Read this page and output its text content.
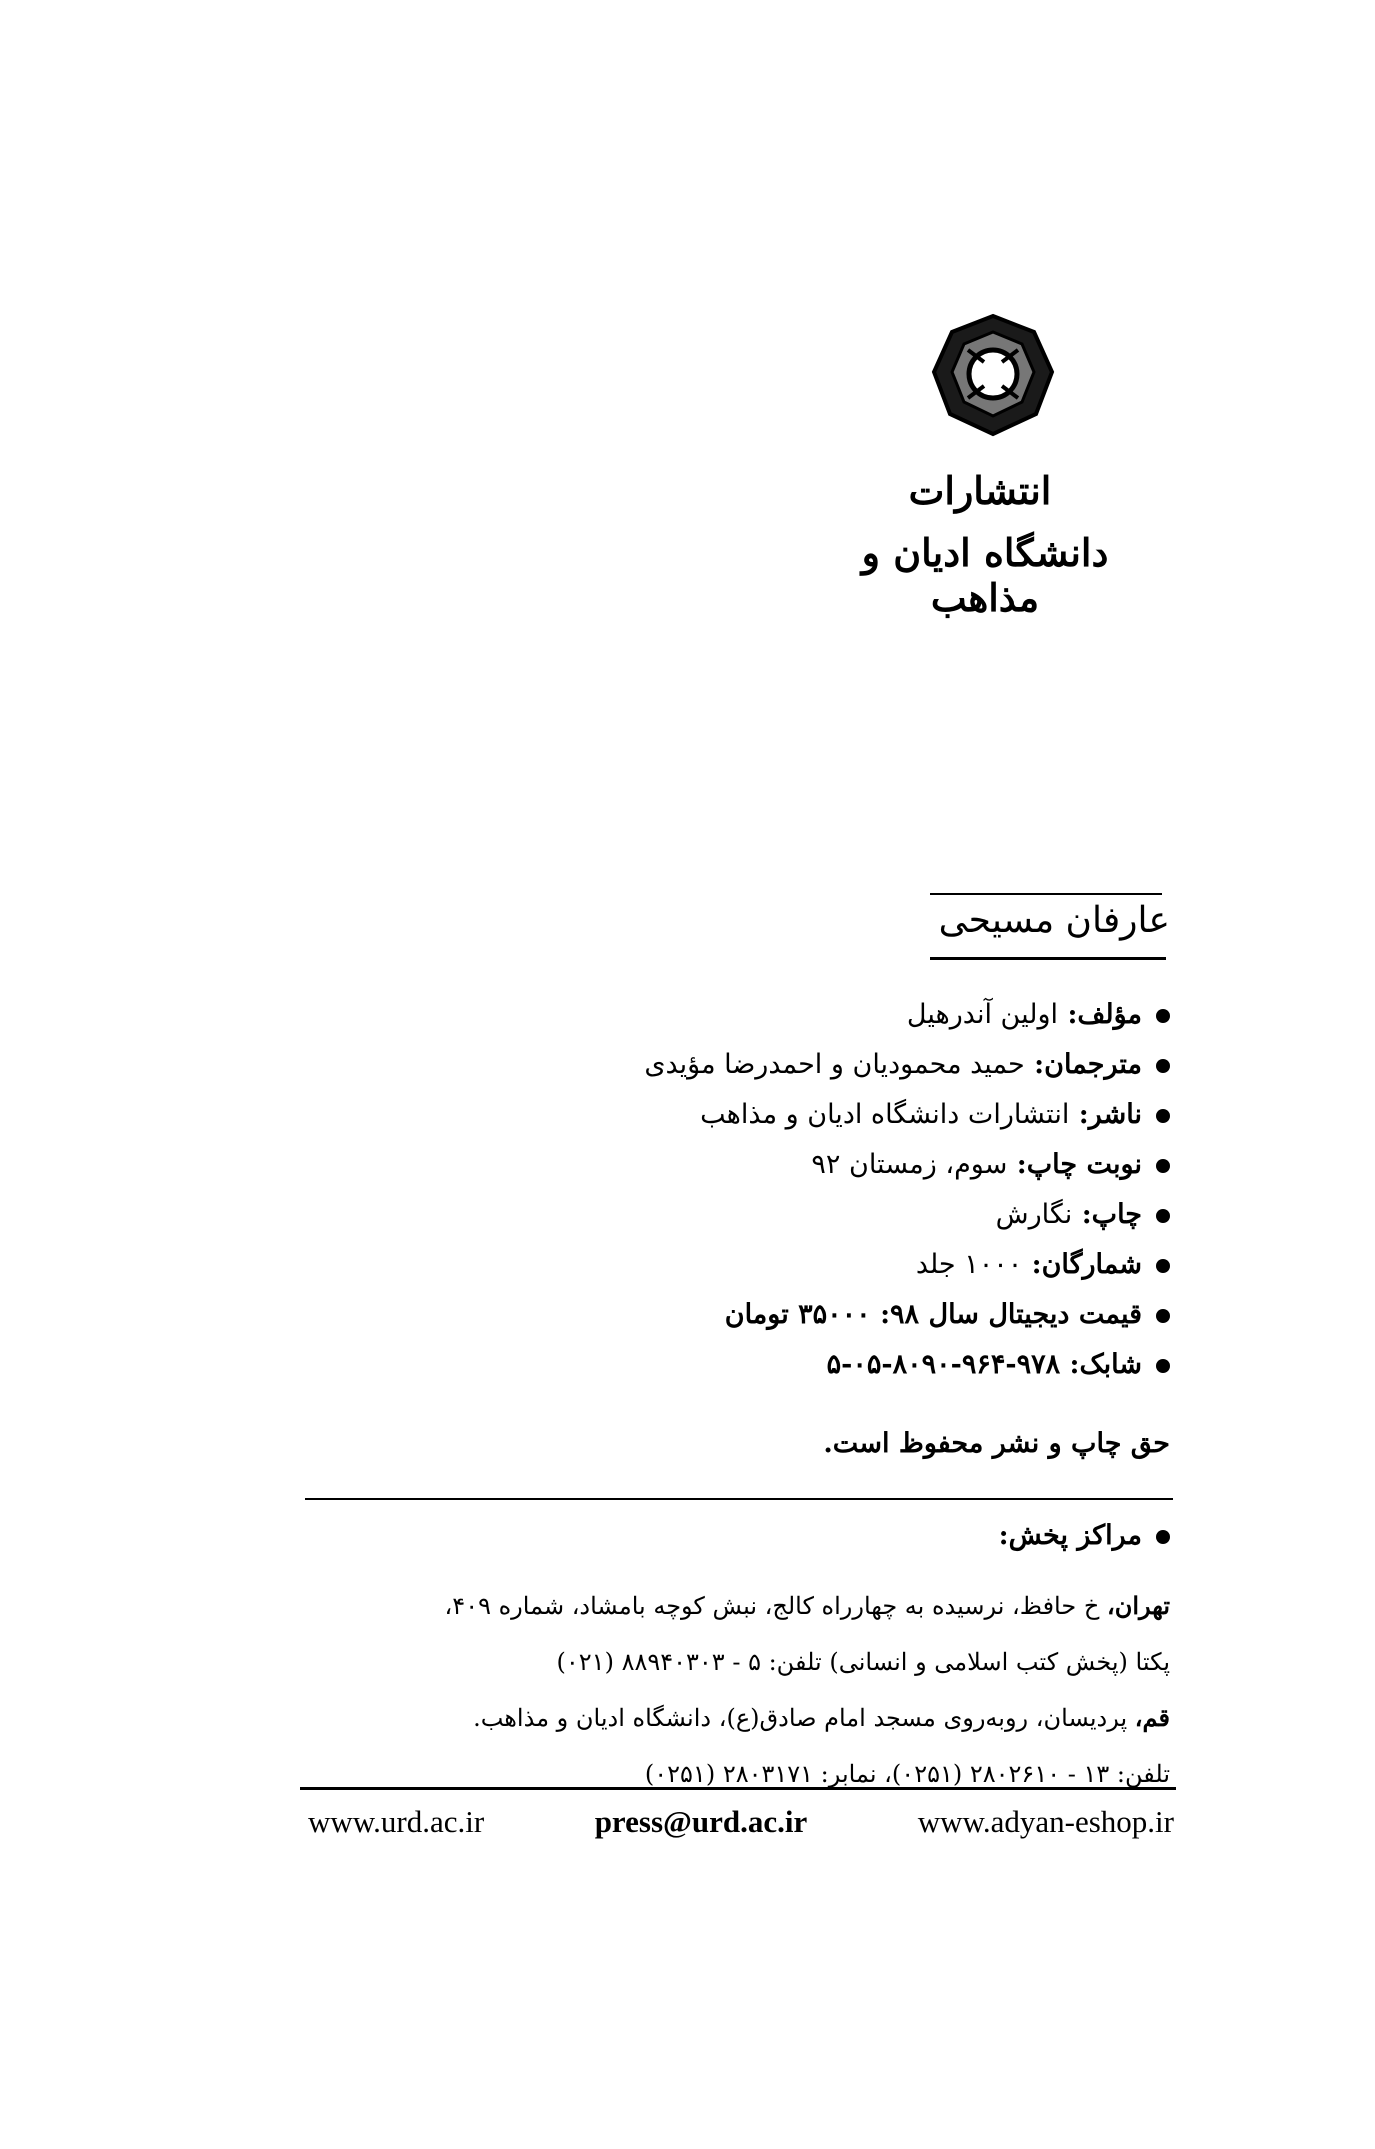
انتشارات
دانشگاه ادیان و مذاهب
عارفان مسیحی
مؤلف: اولین آندرهیل
مترجمان: حمید محمودیان و احمدرضا مؤیدی
ناشر: انتشارات دانشگاه ادیان و مذاهب
نوبت چاپ: سوم، زمستان ۹۲
چاپ: نگارش
شمارگان: ۱۰۰۰ جلد
قیمت دیجیتال سال ۹۸: ۳۵۰۰۰ تومان
شابک: ۹۷۸-۹۶۴-۸۰۹۰-۰۵-۵
حق چاپ و نشر محفوظ است.
مراکز پخش:
تهران، خ حافظ، نرسیده به چهارراه کالج، نبش کوچه بامشاد، شماره ۴۰۹،
پکتا (پخش کتب اسلامی و انسانی) تلفن: ۵ - ۸۸۹۴۰۳۰۳ (۰۲۱)
قم، پردیسان، روبه‌روی مسجد امام صادق(ع)، دانشگاه ادیان و مذاهب.
تلفن: ۱۳ - ۲۸۰۲۶۱۰ (۰۲۵۱)، نمابر: ۲۸۰۳۱۷۱ (۰۲۵۱)
www.urd.ac.ir	press@urd.ac.ir	www.adyan-eshop.ir
